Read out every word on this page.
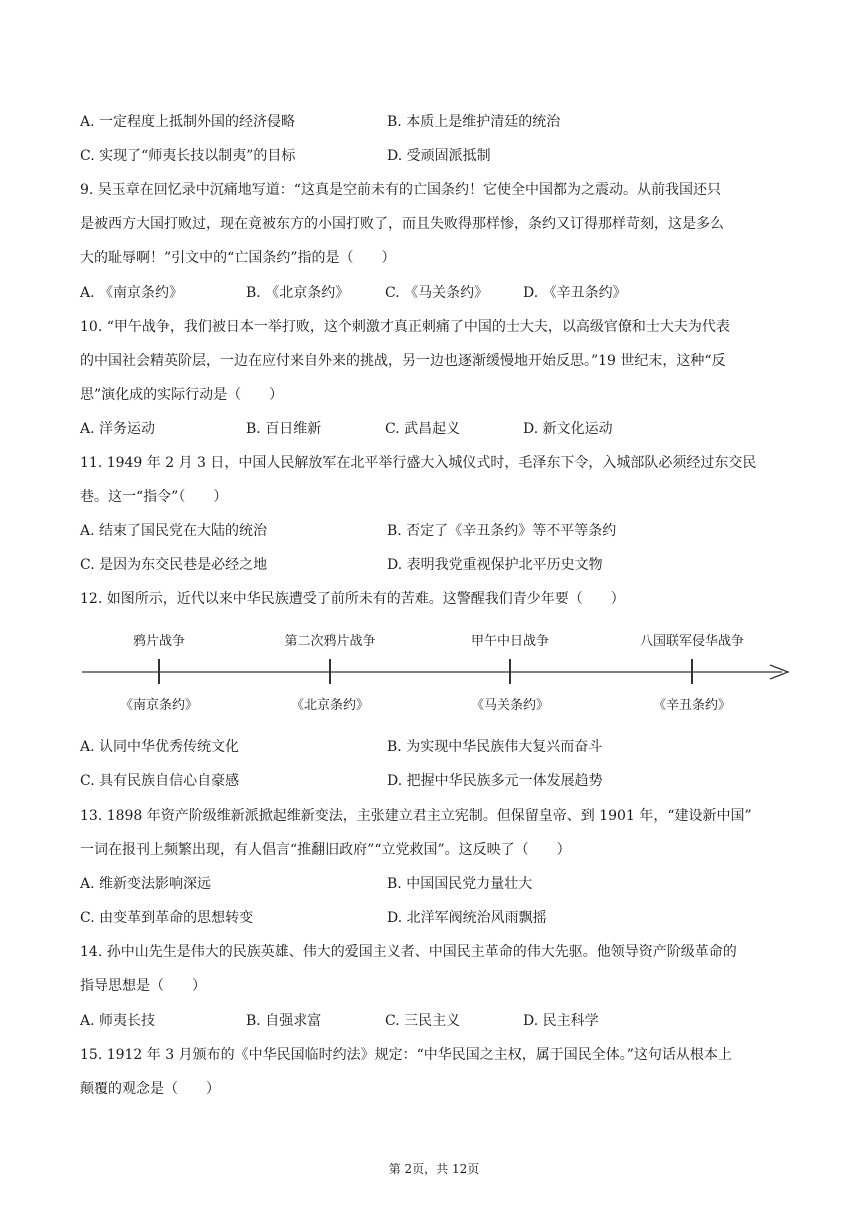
A. 一定程度上抵制外国的经济侵略	B. 本质上是维护清廷的统治
C. 实现了“师夷长技以制夷”的目标	D. 受顽固派抵制
9. 吴玉章在回忆录中沉痛地写道：“这真是空前未有的亡国条约！它使全中国都为之震动。从前我国还只
是被西方大国打败过，现在竟被东方的小国打败了，而且失败得那样惨，条约又订得那样苛刻，这是多么
大的耻辱啊！”引文中的“亡国条约”指的是（　　）
A. 《南京条约》	B. 《北京条约》	C. 《马关条约》 D. 《辛丑条约》
10. “甲午战争，我们被日本一举打败，这个刺激才真正刺痛了中国的士大夫，以高级官僚和士大夫为代表
的中国社会精英阶层，一边在应付来自外来的挑战，另一边也逐渐缓慢地开始反思。”19 世纪末，这种“反
思”演化成的实际行动是（　　）
A. 洋务运动	B. 百日维新	C. 武昌起义	D. 新文化运动
11. 1949 年 2 月 3 日，中国人民解放军在北平举行盛大入城仪式时，毛泽东下令，入城部队必须经过东交民
巷。这一“指令”（　　）
A. 结束了国民党在大陆的统治	B. 否定了《辛丑条约》等不平等条约
C. 是因为东交民巷是必经之地	D. 表明我党重视保护北平历史文物
12. 如图所示，近代以来中华民族遭受了前所未有的苦难。这警醒我们青少年要（　　）
鸦片战争	第二次鸦片战争	甲午中日战争	八国联军侵华战争
《南京条约》	《北京条约》	《马关条约》	《辛丑条约》
A. 认同中华优秀传统文化	B. 为实现中华民族伟大复兴而奋斗
C. 具有民族自信心自豪感	D. 把握中华民族多元一体发展趋势
13. 1898 年资产阶级维新派掀起维新变法，主张建立君主立宪制。但保留皇帝、到 1901 年，“建设新中国”
一词在报刊上频繁出现，有人倡言“推翻旧政府”“立党救国”。这反映了（　　）
A. 维新变法影响深远	B. 中国国民党力量壮大
C. 由变革到革命的思想转变	D. 北洋军阀统治风雨飘摇
14. 孙中山先生是伟大的民族英雄、伟大的爱国主义者、中国民主革命的伟大先驱。他领导资产阶级革命的
指导思想是（　　）
A. 师夷长技	B. 自强求富	C. 三民主义	D. 民主科学
15. 1912 年 3 月颁布的《中华民国临时约法》规定：“中华民国之主权，属于国民全体。”这句话从根本上
颠覆的观念是（　　）
第 2页，共 12页
